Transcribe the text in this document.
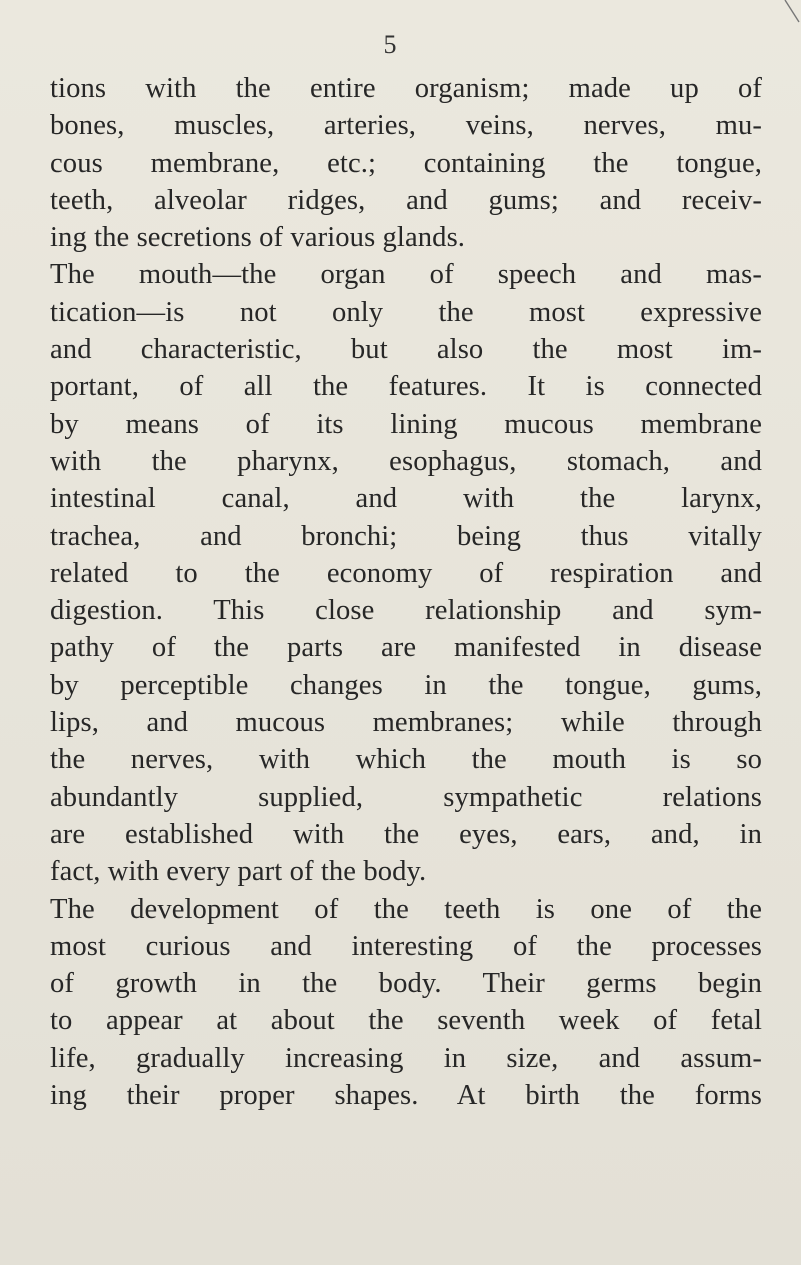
5
tions with the entire organism; made up of
bones, muscles, arteries, veins, nerves, mu-
cous membrane, etc.; containing the tongue,
teeth, alveolar ridges, and gums; and receiv-
ing the secretions of various glands.
The mouth—the organ of speech and mas-
tication—is not only the most expressive
and characteristic, but also the most im-
portant, of all the features. It is connected
by means of its lining mucous membrane
with the pharynx, esophagus, stomach, and
intestinal canal, and with the larynx,
trachea, and bronchi; being thus vitally
related to the economy of respiration and
digestion. This close relationship and sym-
pathy of the parts are manifested in disease
by perceptible changes in the tongue, gums,
lips, and mucous membranes; while through
the nerves, with which the mouth is so
abundantly supplied, sympathetic relations
are established with the eyes, ears, and, in
fact, with every part of the body.
The development of the teeth is one of the
most curious and interesting of the processes
of growth in the body. Their germs begin
to appear at about the seventh week of fetal
life, gradually increasing in size, and assum-
ing their proper shapes. At birth the forms
